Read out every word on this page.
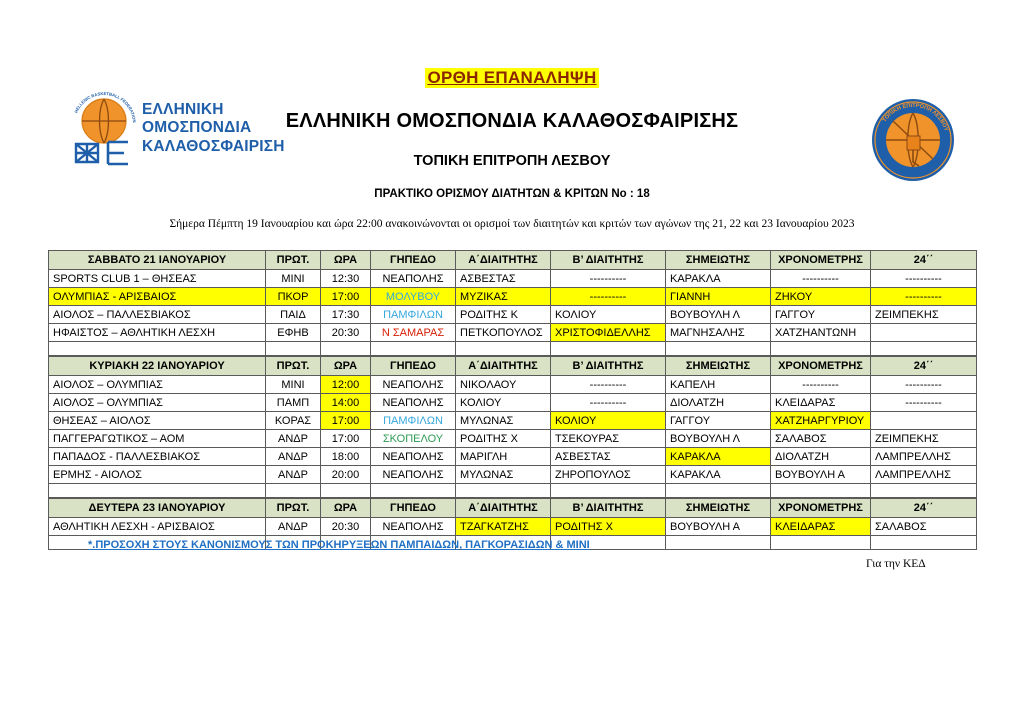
ΟΡΘΗ ΕΠΑΝΑΛΗΨΗ
HELLENIC BASKETBALL FEDERATION
ΕΛΛΗΝΙΚΗ
ΟΜΟΣΠΟΝΔΙΑ
ΚΑΛΑΘΟΣΦΑΙΡΙΣΗ
ΤΟΠΙΚΗ ΕΠΙΤΡΟΠΗ ΛΕΣΒΟΥ
ΕΛΛΗΝΙΚΗ ΟΜΟΣΠΟΝΔΙΑ ΚΑΛΑΘΟΣΦΑΙΡΙΣΗΣ
ΤΟΠΙΚΗ ΕΠΙΤΡΟΠΗ ΛΕΣΒΟΥ
ΠΡΑΚΤΙΚΟ ΟΡΙΣΜΟΥ ΔΙΑΤΗΤΩΝ & ΚΡΙΤΩΝ Νο : 18
Σήμερα Πέμπτη 19 Ιανουαρίου και ώρα 22:00 ανακοινώνονται οι ορισμοί των διαιτητών και κριτών των αγώνων της 21, 22 και 23 Ιανουαρίου 2023
ΣΑΒΒΑΤΟ 21 ΙΑΝΟΥΑΡΙΟΥ	ΠΡΩΤ.	ΩΡΑ	ΓΗΠΕΔΟ	Α΄ΔΙΑΙΤΗΤΗΣ	Β’ ΔΙΑΙΤΗΤΗΣ	ΣΗΜΕΙΩΤΗΣ	ΧΡΟΝΟΜΕΤΡΗΣ	24΄΄
SPORTS CLUB 1 – ΘΗΣΕΑΣ	MINI	12:30	ΝΕΑΠΟΛΗΣ	ΑΣΒΕΣΤΑΣ	----------	ΚΑΡΑΚΛΑ	----------	----------
ΟΛΥΜΠΙΑΣ - ΑΡΙΣΒΑΙΟΣ	ΠΚΟΡ	17:00	ΜΟΛΥΒΟΥ	ΜΥΖΙΚΑΣ	----------	ΓΙΑΝΝΗ	ΖΗΚΟΥ	----------
ΑΙΟΛΟΣ – ΠΑΛΛΕΣΒΙΑΚΟΣ	ΠΑΙΔ	17:30	ΠΑΜΦΙΛΩΝ	ΡΟΔΙΤΗΣ Κ	ΚΟΛΙΟΥ	ΒΟΥΒΟΥΛΗ Λ	ΓΑΓΓΟΥ	ΖΕΙΜΠΕΚΗΣ
ΗΦΑΙΣΤΟΣ – ΑΘΛΗΤΙΚΗ ΛΕΣΧΗ	ΕΦΗΒ	20:30	Ν ΣΑΜΑΡΑΣ	ΠΕΤΚΟΠΟΥΛΟΣ	ΧΡΙΣΤΟΦΙΔΕΛΛΗΣ	ΜΑΓΝΗΣΑΛΗΣ	ΧΑΤΖΗΑΝΤΩΝΗ	

ΚΥΡΙΑΚΗ 22 ΙΑΝΟΥΑΡΙΟΥ	ΠΡΩΤ.	ΩΡΑ	ΓΗΠΕΔΟ	Α΄ΔΙΑΙΤΗΤΗΣ	Β’ ΔΙΑΙΤΗΤΗΣ	ΣΗΜΕΙΩΤΗΣ	ΧΡΟΝΟΜΕΤΡΗΣ	24΄΄
ΑΙΟΛΟΣ – ΟΛΥΜΠΙΑΣ	MINI	12:00	ΝΕΑΠΟΛΗΣ	ΝΙΚΟΛΑΟΥ	----------	ΚΑΠΕΛΗ	----------	----------
ΑΙΟΛΟΣ – ΟΛΥΜΠΙΑΣ	ΠΑΜΠ	14:00	ΝΕΑΠΟΛΗΣ	ΚΟΛΙΟΥ	----------	ΔΙΟΛΑΤΖΗ	ΚΛΕΙΔΑΡΑΣ	----------
ΘΗΣΕΑΣ – ΑΙΟΛΟΣ	ΚΟΡΑΣ	17:00	ΠΑΜΦΙΛΩΝ	ΜΥΛΩΝΑΣ	ΚΟΛΙΟΥ	ΓΑΓΓΟΥ	ΧΑΤΖΗΑΡΓΥΡΙΟΥ	
ΠΑΓΓΕΡΑΓΩΤΙΚΟΣ – ΑΟΜ	ΑΝΔΡ	17:00	ΣΚΟΠΕΛΟΥ	ΡΟΔΙΤΗΣ Χ	ΤΣΕΚΟΥΡΑΣ	ΒΟΥΒΟΥΛΗ Λ	ΣΑΛΑΒΟΣ	ΖΕΙΜΠΕΚΗΣ
ΠΑΠΑΔΟΣ - ΠΑΛΛΕΣΒΙΑΚΟΣ	ΑΝΔΡ	18:00	ΝΕΑΠΟΛΗΣ	ΜΑΡΙΓΛΗ	ΑΣΒΕΣΤΑΣ	ΚΑΡΑΚΛΑ	ΔΙΟΛΑΤΖΗ	ΛΑΜΠΡΕΛΛΗΣ
ΕΡΜΗΣ - ΑΙΟΛΟΣ	ΑΝΔΡ	20:00	ΝΕΑΠΟΛΗΣ	ΜΥΛΩΝΑΣ	ΖΗΡΟΠΟΥΛΟΣ	ΚΑΡΑΚΛΑ	ΒΟΥΒΟΥΛΗ Α	ΛΑΜΠΡΕΛΛΗΣ

ΔΕΥΤΕΡΑ 23 ΙΑΝΟΥΑΡΙΟΥ	ΠΡΩΤ.	ΩΡΑ	ΓΗΠΕΔΟ	Α΄ΔΙΑΙΤΗΤΗΣ	Β’ ΔΙΑΙΤΗΤΗΣ	ΣΗΜΕΙΩΤΗΣ	ΧΡΟΝΟΜΕΤΡΗΣ	24΄΄
ΑΘΛΗΤΙΚΗ ΛΕΣΧΗ - ΑΡΙΣΒΑΙΟΣ	ΑΝΔΡ	20:30	ΝΕΑΠΟΛΗΣ	ΤΖΑΓΚΑΤΖΗΣ	ΡΟΔΙΤΗΣ Χ	ΒΟΥΒΟΥΛΗ Α	ΚΛΕΙΔΑΡΑΣ	ΣΑΛΑΒΟΣ

*.ΠΡΟΣΟΧΗ ΣΤΟΥΣ ΚΑΝΟΝΙΣΜΟΥΣ ΤΩΝ ΠΡΟΚΗΡΥΞΕΩΝ ΠΑΜΠΑΙΔΩΝ, ΠΑΓΚΟΡΑΣΙΔΩΝ & MINI
Για την ΚΕΔ
